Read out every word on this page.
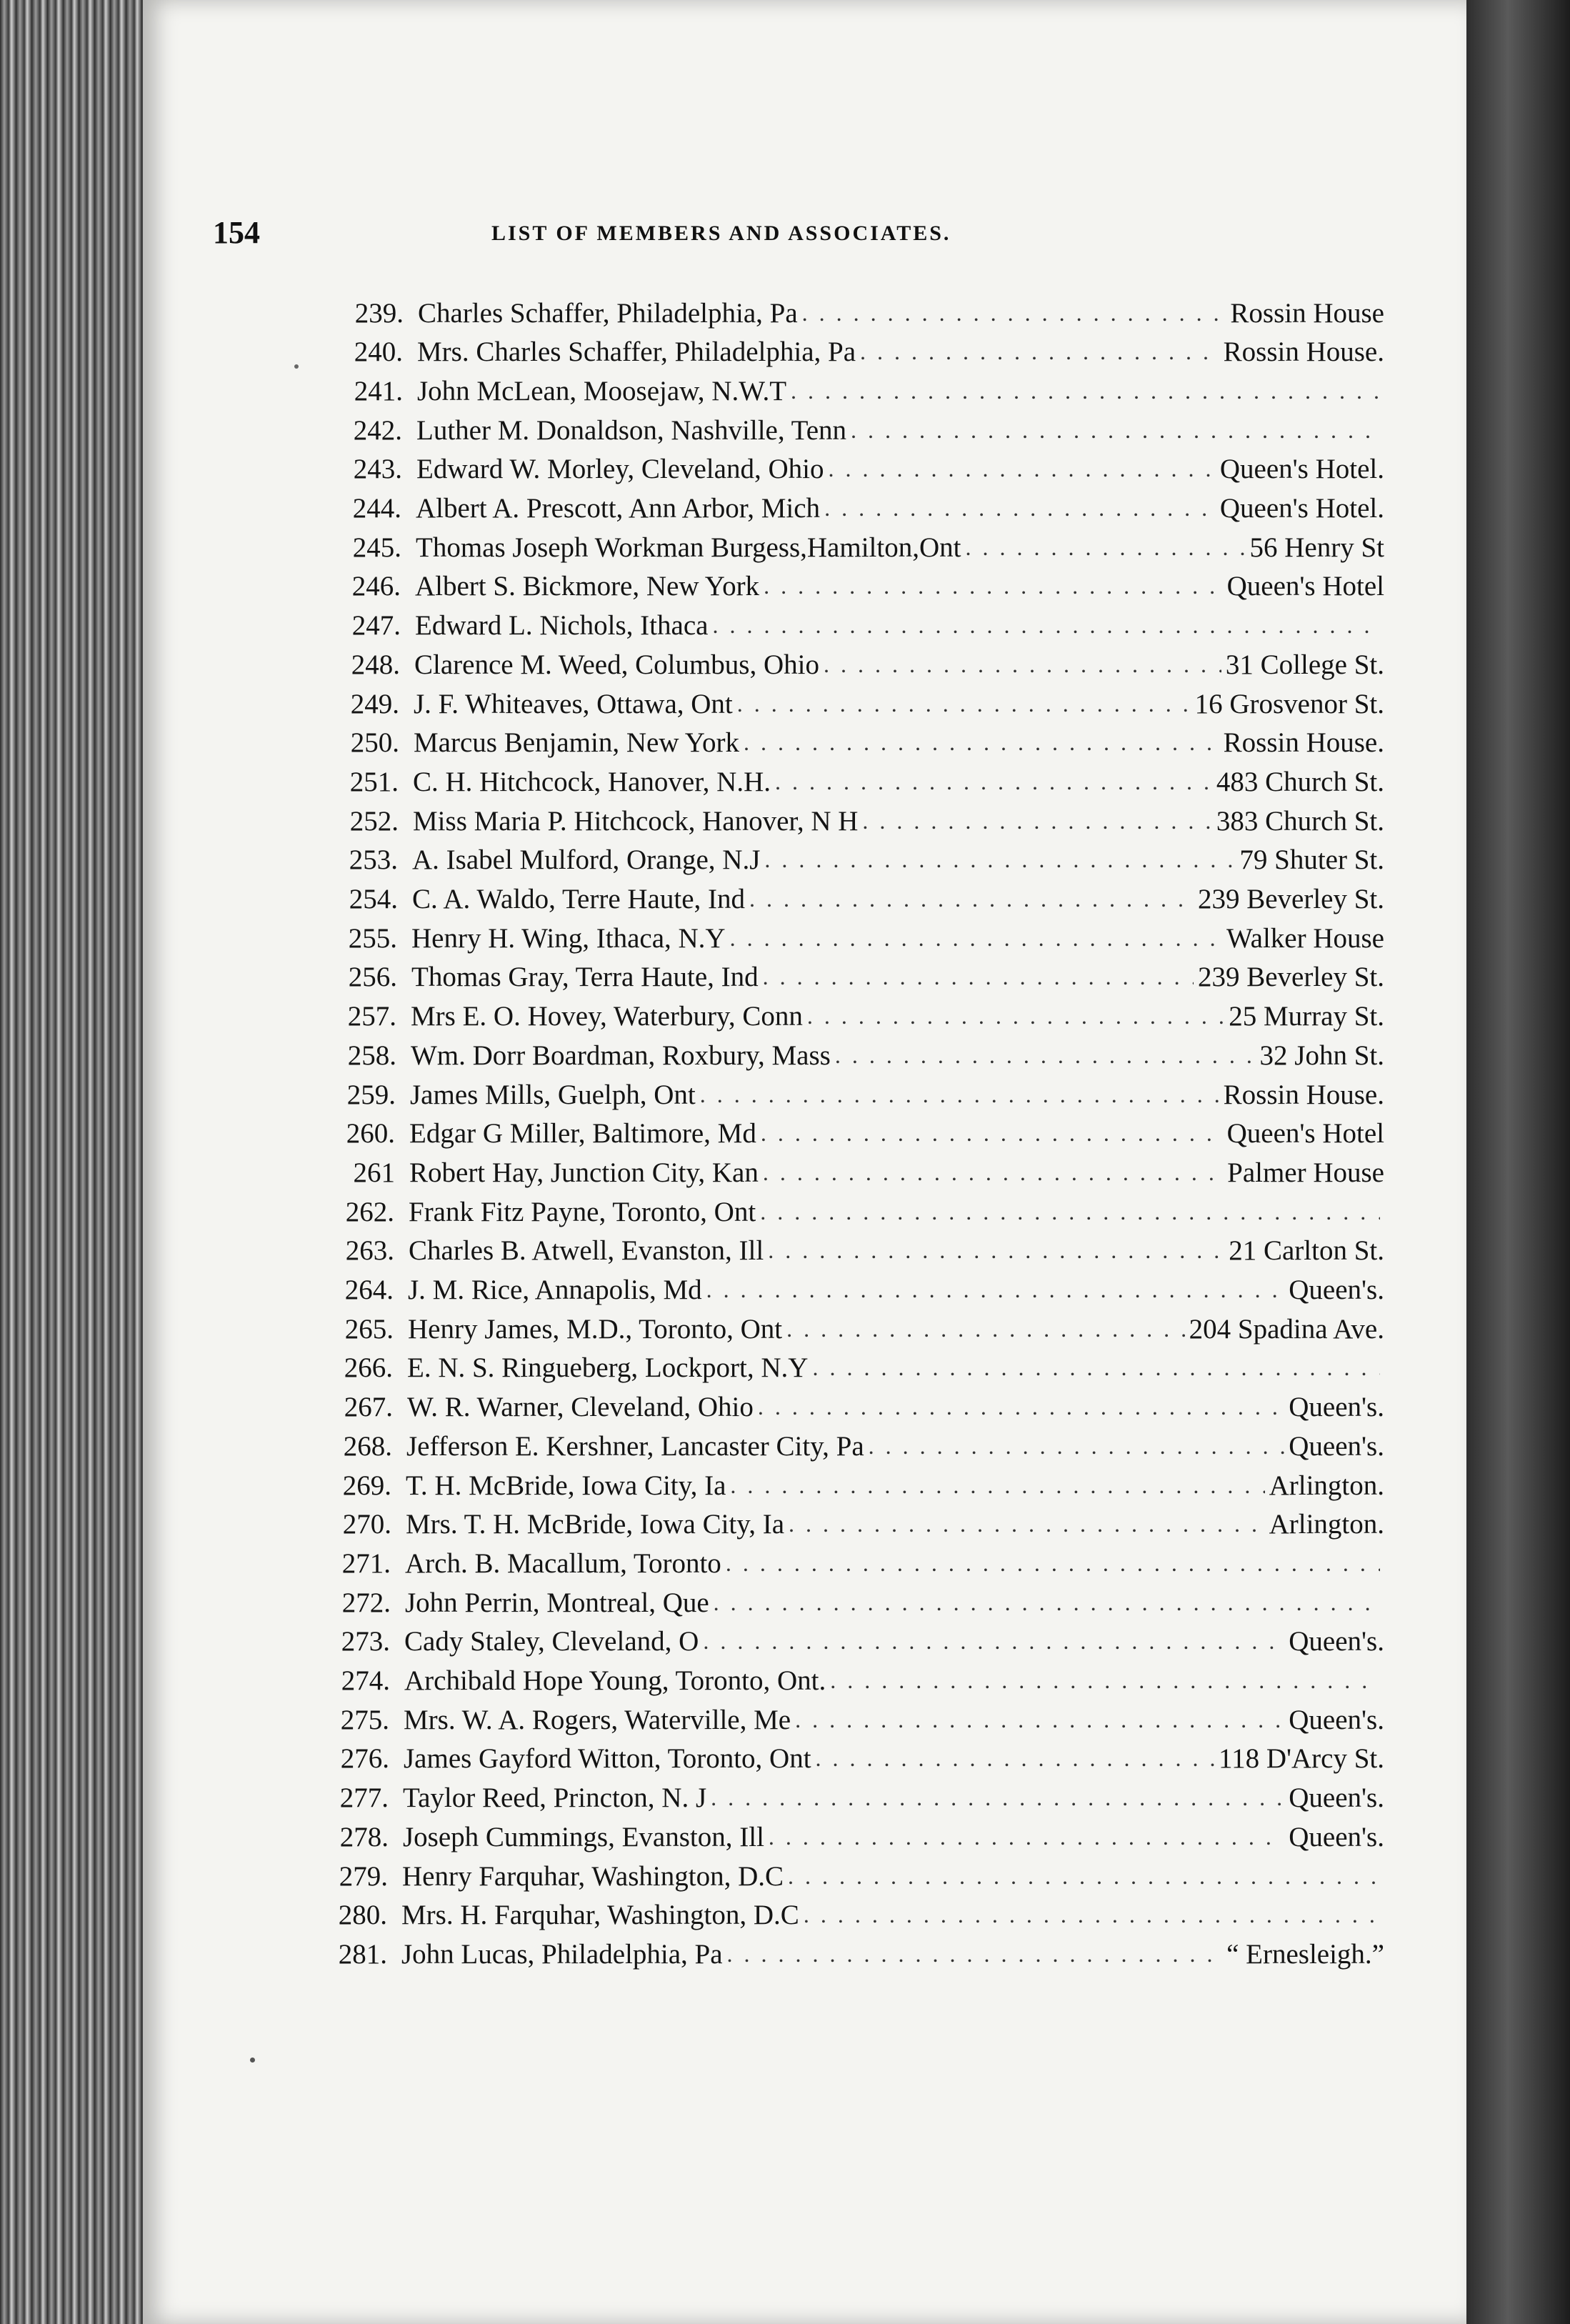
154	LIST OF MEMBERS AND ASSOCIATES.
239. Charles Schaffer, Philadelphia, Pa . . .	Rossin House
240. Mrs. Charles Schaffer, Philadelphia, Pa . . .	Rossin House.
241. John McLean, Moosejaw, N.W.T
. . .
242. Luther M. Donaldson, Nashville, Tenn
. . .
243. Edward W. Morley, Cleveland, Ohio . . .	Queen's Hotel.
244. Albert A. Prescott, Ann Arbor, Mich . . .	Queen's Hotel.
245. Thomas Joseph Workman Burgess,Hamilton,Ont . . .	56 Henry St
246. Albert S. Bickmore, New York . . .	Queen's Hotel
247. Edward L. Nichols, Ithaca
. . .
248. Clarence M. Weed, Columbus, Ohio . . .	31 College St.
249. J. F. Whiteaves, Ottawa, Ont . . .	16 Grosvenor St.
250. Marcus Benjamin, New York . . .	Rossin House.
251. C. H. Hitchcock, Hanover, N.H. . . .	483 Church St.
252. Miss Maria P. Hitchcock, Hanover, N H . . .	383 Church St.
253. A. Isabel Mulford, Orange, N.J . . .	79 Shuter St.
254. C. A. Waldo, Terre Haute, Ind . . .	239 Beverley St.
255. Henry H. Wing, Ithaca, N.Y . . .	Walker House
256. Thomas Gray, Terra Haute, Ind . . .	239 Beverley St.
257. Mrs E. O. Hovey, Waterbury, Conn . . .	25 Murray St.
258. Wm. Dorr Boardman, Roxbury, Mass . . .	32 John St.
259. James Mills, Guelph, Ont . . .	Rossin House.
260. Edgar G Miller, Baltimore, Md . . .	Queen's Hotel
261 Robert Hay, Junction City, Kan . . .	Palmer House
262. Frank Fitz Payne, Toronto, Ont
. . .
263. Charles B. Atwell, Evanston, Ill . . .	21 Carlton St.
264. J. M. Rice, Annapolis, Md . . .	Queen's.
265. Henry James, M.D., Toronto, Ont . . .	204 Spadina Ave.
266. E. N. S. Ringueberg, Lockport, N.Y
. . .
267. W. R. Warner, Cleveland, Ohio . . .	Queen's.
268. Jefferson E. Kershner, Lancaster City, Pa . . .	Queen's.
269. T. H. McBride, Iowa City, Ia . . .	Arlington.
270. Mrs. T. H. McBride, Iowa City, Ia . . .	Arlington.
271. Arch. B. Macallum, Toronto
. . .
272. John Perrin, Montreal, Que
. . .
273. Cady Staley, Cleveland, O . . .	Queen's.
274. Archibald Hope Young, Toronto, Ont.
. . .
275. Mrs. W. A. Rogers, Waterville, Me . . .	Queen's.
276. James Gayford Witton, Toronto, Ont . . .	118 D'Arcy St.
277. Taylor Reed, Princton, N. J . . .	Queen's.
278. Joseph Cummings, Evanston, Ill . . .	Queen's.
279. Henry Farquhar, Washington, D.C
. . .
280. Mrs. H. Farquhar, Washington, D.C
. . .
281. John Lucas, Philadelphia, Pa . . .	“ Ernesleigh.”
